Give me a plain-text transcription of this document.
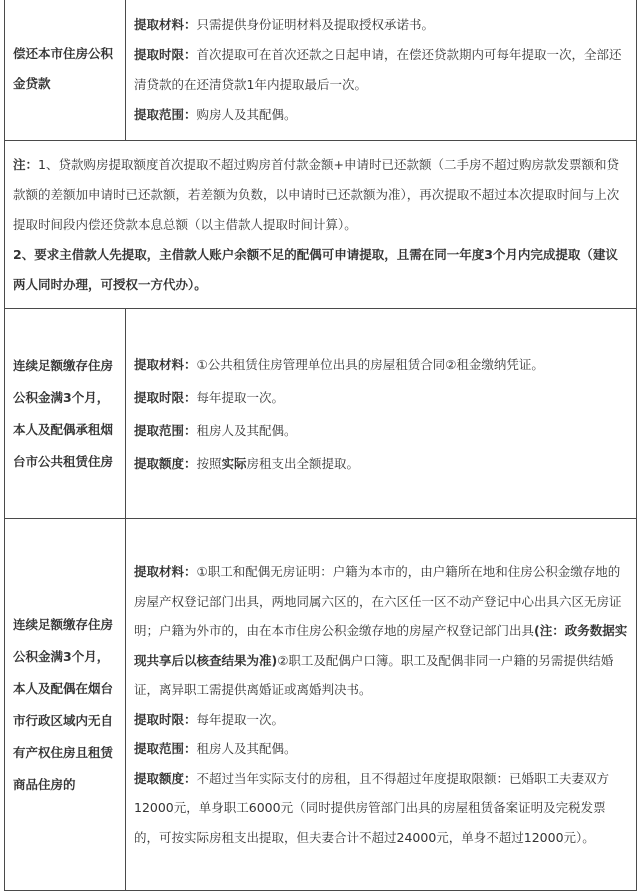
偿还本市住房公积金贷款	提取材料：只需提供身份证明材料及提取授权承诺书。

提取时限：首次提取可在首次还款之日起申请，在偿还贷款期内可每年提取一次，全部还清贷款的在还清贷款1年内提取最后一次。

提取范围：购房人及其配偶。

注：1、贷款购房提取额度首次提取不超过购房首付款金额+申请时已还款额（二手房不超过购房款发票额和贷款额的差额加申请时已还款额，若差额为负数，以申请时已还款额为准），再次提取不超过本次提取时间与上次提取时间段内偿还贷款本息总额（以主借款人提取时间计算）。

2、要求主借款人先提取，主借款人账户余额不足的配偶可申请提取，且需在同一年度3个月内完成提取（建议两人同时办理，可授权一方代办）。	

连续足额缴存住房公积金满3个月，本人及配偶承租烟台市公共租赁住房	提取材料：①公共租赁住房管理单位出具的房屋租赁合同②租金缴纳凭证。

提取时限：每年提取一次。

提取范围：租房人及其配偶。

提取额度：按照实际房租支出全额提取。

连续足额缴存住房公积金满3个月，本人及配偶在烟台市行政区域内无自有产权住房且租赁商品住房的	提取材料：①职工和配偶无房证明：户籍为本市的，由户籍所在地和住房公积金缴存地的房屋产权登记部门出具，两地同属六区的，在六区任一区不动产登记中心出具六区无房证明；户籍为外市的，由在本市住房公积金缴存地的房屋产权登记部门出具(注：政务数据实现共享后以核查结果为准)②职工及配偶户口簿。职工及配偶非同一户籍的另需提供结婚证，离异职工需提供离婚证或离婚判决书。

提取时限：每年提取一次。

提取范围：租房人及其配偶。

提取额度：不超过当年实际支付的房租，且不得超过年度提取限额：已婚职工夫妻双方12000元，单身职工6000元（同时提供房管部门出具的房屋租赁备案证明及完税发票的，可按实际房租支出提取，但夫妻合计不超过24000元，单身不超过12000元）。
